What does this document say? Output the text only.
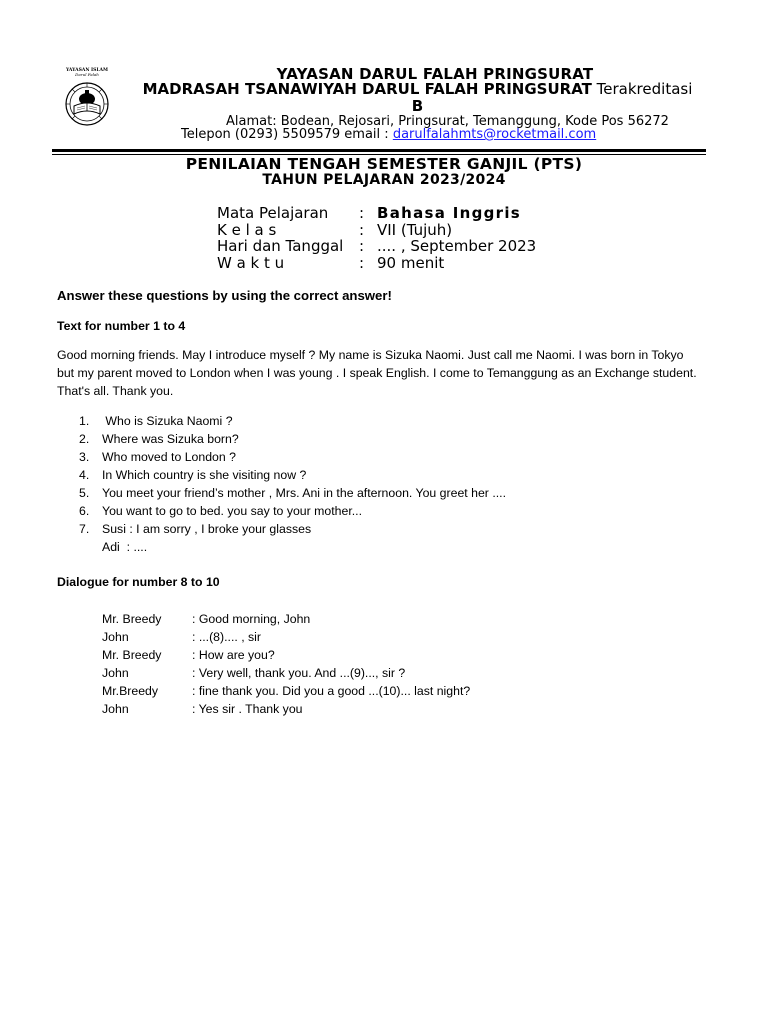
YAYASAN ISLAM
Darul Falah	YAYASAN DARUL FALAH PRINGSURAT
MADRASAH TSANAWIYAH DARUL FALAH PRINGSURAT Terakreditasi
B
Alamat: Bodean, Rejosari, Pringsurat, Temanggung, Kode Pos 56272
Telepon (0293) 5509579 email : darulfalahmts@rocketmail.com
PENILAIAN TENGAH SEMESTER GANJIL (PTS)
TAHUN PELAJARAN 2023/2024
Mata Pelajaran	: Bahasa Inggris
K e l a s	: VII (Tujuh)
Hari dan Tanggal	: .... , September 2023
W a k t u	: 90 menit
Answer these questions by using the correct answer!
Text for number 1 to 4
Good morning friends. May I introduce myself ? My name is Sizuka Naomi. Just call me Naomi. I was born in Tokyo
but my parent moved to London when I was young . I speak English. I come to Temanggung as an Exchange student.
That's all. Thank you.
1.	Who is Sizuka Naomi ?
2.	Where was Sizuka born?
3.	Who moved to London ?
4.	In Which country is she visiting now ?
5.	You meet your friend’s mother , Mrs. Ani in the afternoon. You greet her ....
6.	You want to go to bed. you say to your mother...
7.	Susi : I am sorry , I broke your glasses
Adi  : ....
Dialogue for number 8 to 10
Mr. Breedy	: Good morning, John
John	: ...(8).... , sir
Mr. Breedy	: How are you?
John	: Very well, thank you. And ...(9)..., sir ?
Mr.Breedy	: fine thank you. Did you a good ...(10)... last night?
John	: Yes sir . Thank you
